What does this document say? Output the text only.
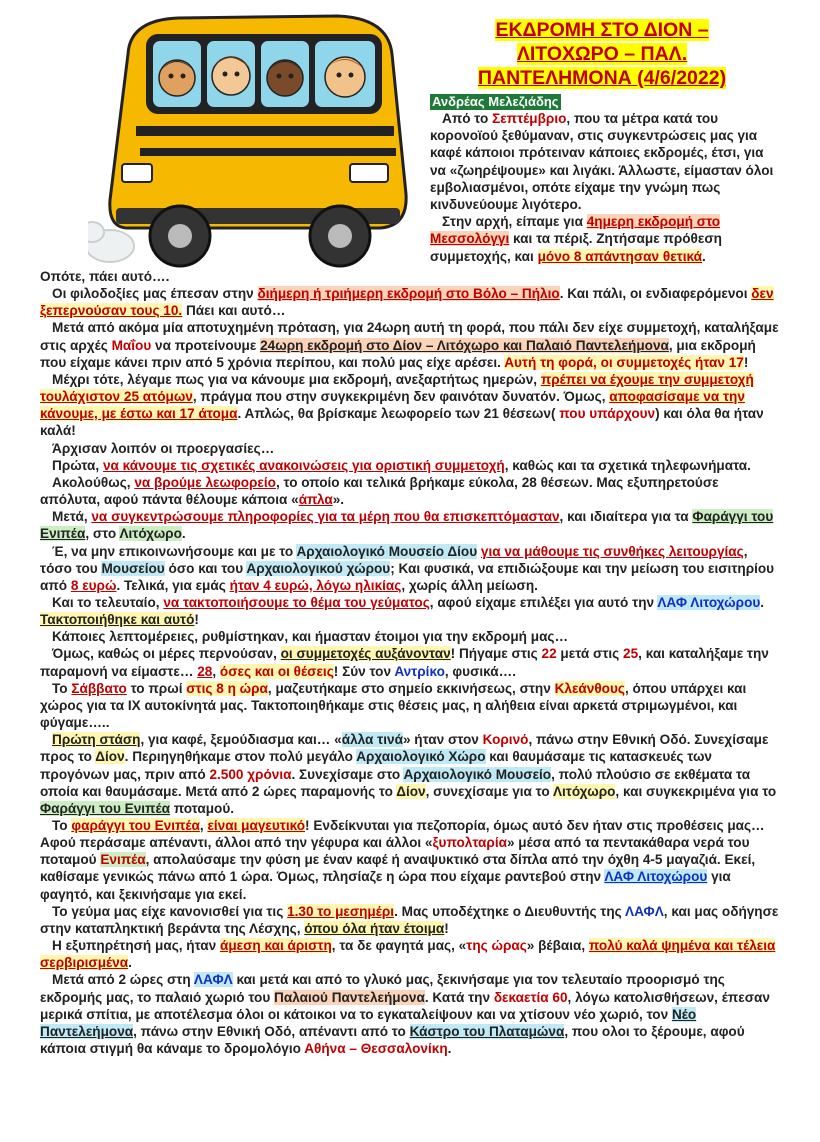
ΕΚΔΡΟΜΗ ΣΤΟ ΔΙΟΝ –
ΛΙΤΟΧΩΡΟ – ΠΑΛ.
ΠΑΝΤΕΛΗΜΟΝΑ (4/6/2022)
Ανδρέας Μελεζιάδης

Από το Σεπτέμβριο, που τα μέτρα κατά του κορονοϊού ξεθύμαναν, στις συγκεντρώσεις μας για καφέ κάποιοι πρότειναν κάποιες εκδρομές, έτσι, για να «ζωηρέψουμε» και λιγάκι. Άλλωστε, είμασταν όλοι εμβολιασμένοι, οπότε είχαμε την γνώμη πως κινδυνεύουμε λιγότερο.

Στην αρχή, είπαμε για 4ημερη εκδρομή στο Μεσσολόγγι και τα πέριξ. Ζητήσαμε πρόθεση συμμετοχής, και μόνο 8 απάντησαν θετικά.

Οπότε, πάει αυτό….

Οι φιλοδοξίες μας έπεσαν στην διήμερη ή τριήμερη εκδρομή στο Βόλο – Πήλιο. Και πάλι, οι ενδιαφερόμενοι δεν ξεπερνούσαν τους 10. Πάει και αυτό…

Μετά από ακόμα μία αποτυχημένη πρόταση, για 24ωρη αυτή τη φορά, που πάλι δεν είχε συμμετοχή, καταλήξαμε στις αρχές Μαΐου να προτείνουμε 24ωρη εκδρομή στο Δίον – Λιτόχωρο και Παλαιό Παντελεήμονα, μια εκδρομή που είχαμε κάνει πριν από 5 χρόνια περίπου, και πολύ μας είχε αρέσει. Αυτή τη φορά, οι συμμετοχές ήταν 17!

Μέχρι τότε, λέγαμε πως για να κάνουμε μια εκδρομή, ανεξαρτήτως ημερών, πρέπει να έχουμε την συμμετοχή τουλάχιστον 25 ατόμων, πράγμα που στην συγκεκριμένη δεν φαινόταν δυνατόν. Όμως, αποφασίσαμε να την κάνουμε, με έστω και 17 άτομα. Απλώς, θα βρίσκαμε λεωφορείο των 21 θέσεων( που υπάρχουν) και όλα θα ήταν καλά!

Άρχισαν λοιπόν οι προεργασίες…

Πρώτα, να κάνουμε τις σχετικές ανακοινώσεις για οριστική συμμετοχή, καθώς και τα σχετικά τηλεφωνήματα.

Ακολούθως, να βρούμε λεωφορείο, το οποίο και τελικά βρήκαμε εύκολα, 28 θέσεων. Μας εξυπηρετούσε απόλυτα, αφού πάντα θέλουμε κάποια «άπλα».

Μετά, να συγκεντρώσουμε πληροφορίες για τα μέρη που θα επισκεπτόμασταν, και ιδιαίτερα για τα Φαράγγι του Ενιπέα, στο Λιτόχωρο.

Έ, να μην επικοινωνήσουμε και με το Αρχαιολογικό Μουσείο Δίου για να μάθουμε τις συνθήκες λειτουργίας, τόσο του Μουσείου όσο και του Αρχαιολογικού χώρου; Και φυσικά, να επιδιώξουμε και την μείωση του εισιτηρίου από 8 ευρώ. Τελικά, για εμάς ήταν 4 ευρώ, λόγω ηλικίας, χωρίς άλλη μείωση.

Και το τελευταίο, να τακτοποιήσουμε το θέμα του γεύματος, αφού είχαμε επιλέξει για αυτό την ΛΑΦ Λιτοχώρου. Τακτοποιήθηκε και αυτό!

Κάποιες λεπτομέρειες, ρυθμίστηκαν, και ήμασταν έτοιμοι για την εκδρομή μας…

Όμως, καθώς οι μέρες περνούσαν, οι συμμετοχές αυξάνονταν! Πήγαμε στις 22 μετά στις 25, και καταλήξαμε την παραμονή να είμαστε… 28, όσες και οι θέσεις! Σύν τον Αντρίκο, φυσικά….

Το Σάββατο το πρωί στις 8 η ώρα, μαζευτήκαμε στο σημείο εκκινήσεως, στην Κλεάνθους, όπου υπάρχει και χώρος για τα ΙΧ αυτοκίνητά μας. Τακτοποιηθήκαμε στις θέσεις μας, η αλήθεια είναι αρκετά στριμωγμένοι, και φύγαμε…..

Πρώτη στάση, για καφέ, ξεμούδιασμα και… «άλλα τινά» ήταν στον Κορινό, πάνω στην Εθνική Οδό. Συνεχίσαμε προς το Δίον. Περιηγηθήκαμε στον πολύ μεγάλο Αρχαιολογικό Χώρο και θαυμάσαμε τις κατασκευές των προγόνων μας, πριν από 2.500 χρόνια. Συνεχίσαμε στο Αρχαιολογικό Μουσείο, πολύ πλούσιο σε εκθέματα τα οποία και θαυμάσαμε. Μετά από 2 ώρες παραμονής το Δίον, συνεχίσαμε για το Λιτόχωρο, και συγκεκριμένα για το Φαράγγι του Ενιπέα ποταμού.

Το φαράγγι του Ενιπέα, είναι μαγευτικό! Ενδείκνυται για πεζοπορία, όμως αυτό δεν ήταν στις προθέσεις μας… Αφού περάσαμε απέναντι, άλλοι από την γέφυρα και άλλοι «ξυπολταρία» μέσα από τα πεντακάθαρα νερά του ποταμού Ενιπέα, απολαύσαμε την φύση με έναν καφέ ή αναψυκτικό στα δίπλα από την όχθη 4-5 μαγαζιά. Εκεί, καθίσαμε γενικώς πάνω από 1 ώρα. Όμως, πλησίαζε η ώρα που είχαμε ραντεβού στην ΛΑΦ Λιτοχώρου για φαγητό, και ξεκινήσαμε για εκεί.

Το γεύμα μας είχε κανονισθεί για τις 1.30 το μεσημέρι. Μας υποδέχτηκε ο Διευθυντής της ΛΑΦΛ, και μας οδήγησε στην καταπληκτική βεράντα της Λέσχης, όπου όλα ήταν έτοιμα!

Η εξυπηρέτησή μας, ήταν άμεση και άριστη, τα δε φαγητά μας, «της ώρας» βέβαια, πολύ καλά ψημένα και τέλεια σερβιρισμένα.

Μετά από 2 ώρες στη ΛΑΦΛ και μετά και από το γλυκό μας, ξεκινήσαμε για τον τελευταίο προορισμό της εκδρομής μας, το παλαιό χωριό του Παλαιού Παντελεήμονα. Κατά την δεκαετία 60, λόγω κατολισθήσεων, έπεσαν μερικά σπίτια, με αποτέλεσμα όλοι οι κάτοικοι να το εγκαταλείψουν και να χτίσουν νέο χωριό, τον Νέο Παντελεήμονα, πάνω στην Εθνική Οδό, απέναντι από το Κάστρο του Πλαταμώνα, που ολοι το ξέρουμε, αφού κάποια στιγμή θα κάναμε το δρομολόγιο Αθήνα – Θεσσαλονίκη.
